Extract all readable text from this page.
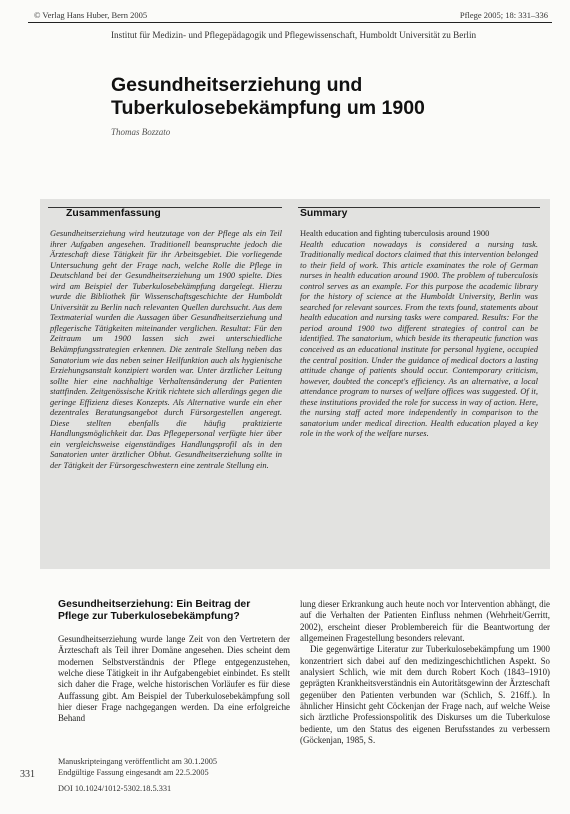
© Verlag Hans Huber, Bern 2005	Pflege 2005; 18: 331–336
Institut für Medizin- und Pflegepädagogik und Pflegewissenschaft, Humboldt Universität zu Berlin
Gesundheitserziehung und
Tuberkulosebekämpfung um 1900
Thomas Bozzato
Zusammenfassung

Gesundheitserziehung wird heutzutage von der Pflege als ein Teil ihrer Aufgaben angesehen. Traditionell beanspruchte jedoch die Ärzteschaft diese Tätigkeit für ihr Arbeitsgebiet. Die vorliegende Untersuchung geht der Frage nach, welche Rolle die Pflege in Deutschland bei der Gesundheitserziehung um 1900 spielte. Dies wird am Beispiel der Tuberkulosebekämpfung dargelegt. Hierzu wurde die Bibliothek für Wissenschaftsgeschichte der Humboldt Universität zu Berlin nach relevanten Quellen durchsucht. Aus dem Textmaterial wurden die Aussagen über Gesundheitserziehung und pflegerische Tätigkeiten miteinander verglichen. Resultat: Für den Zeitraum um 1900 lassen sich zwei unterschiedliche Bekämpfungsstrategien erkennen. Die zentrale Stellung neben das Sanatorium wie das neben seiner Heilfunktion auch als hygienische Erziehungsanstalt konzipiert worden war. Unter ärztlicher Leitung sollte hier eine nachhaltige Verhaltensänderung der Patienten stattfinden. Zeitgenössische Kritik richtete sich allerdings gegen die geringe Effizienz dieses Konzepts. Als Alternative wurde ein eher dezentrales Beratungsangebot durch Fürsorgestellen angeregt. Diese stellten ebenfalls die häufig praktizierte Handlungsmöglichkeit dar. Das Pflegepersonal verfügte hier über ein vergleichsweise eigenständiges Handlungsprofil als in den Sanatorien unter ärztlicher Obhut. Gesundheitserziehung sollte in der Tätigkeit der Fürsorgeschwestern eine zentrale Stellung ein.

Summary

Health education and fighting tuberculosis around 1900

Health education nowadays is considered a nursing task. Traditionally medical doctors claimed that this intervention belonged to their field of work. This article examinates the role of German nurses in health education around 1900. The problem of tuberculosis control serves as an example. For this purpose the academic library for the history of science at the Humboldt University, Berlin was searched for relevant sources. From the texts found, statements about health education and nursing tasks were compared. Results: For the period around 1900 two different strategies of control can be identified. The sanatorium, which beside its therapeutic function was conceived as an educational institute for personal hygiene, occupied the central position. Under the guidance of medical doctors a lasting attitude change of patients should occur. Contemporary criticism, however, doubted the concept's efficiency. As an alternative, a local attendance program to nurses of welfare offices was suggested. Of it, these institutions provided the role for success in way of action. Here, the nursing staff acted more independently in comparison to the sanatorium under medical direction. Health education played a key role in the work of the welfare nurses.

Gesundheitserziehung: Ein Beitrag der
Pflege zur Tuberkulosebekämpfung?

Gesundheitserziehung wurde lange Zeit von den Vertretern der Ärzteschaft als Teil ihrer Domäne angesehen. Dies scheint dem modernen Selbstverständnis der Pflege entgegenzustehen, welche diese Tätigkeit in ihr Aufgabengebiet einbindet. Es stellt sich daher die Frage, welche historischen Vorläufer es für diese Auffassung gibt. Am Beispiel der Tuberkulosebekämpfung soll hier dieser Frage nachgegangen werden. Da eine erfolgreiche Behand

lung dieser Erkrankung auch heute noch vor Intervention abhängt, die auf die Verhalten der Patienten Einfluss nehmen (Wehrheit/Gerritt, 2002), erscheint dieser Problembereich für die Beantwortung der allgemeinen Fragestellung besonders relevant.

Die gegenwärtige Literatur zur Tuberkulosebekämpfung um 1900 konzentriert sich dabei auf den medizingeschichtlichen Aspekt. So analysiert Schlich, wie mit dem durch Robert Koch (1843–1910) geprägten Krankheitsverständnis ein Autoritätsgewinn der Ärzteschaft gegenüber den Patienten verbunden war (Schlich, S. 216ff.). In ähnlicher Hinsicht geht Cöckenjan der Frage nach, auf welche Weise sich ärztliche Professionspolitik des Diskurses um die Tuberkulose bediente, um den Status des eigenen Berufsstandes zu verbessern (Göckenjan, 1985, S.

331
Manuskripteingang veröffentlicht am 30.1.2005
Endgültige Fassung eingesandt am 22.5.2005
DOI 10.1024/1012-5302.18.5.331
